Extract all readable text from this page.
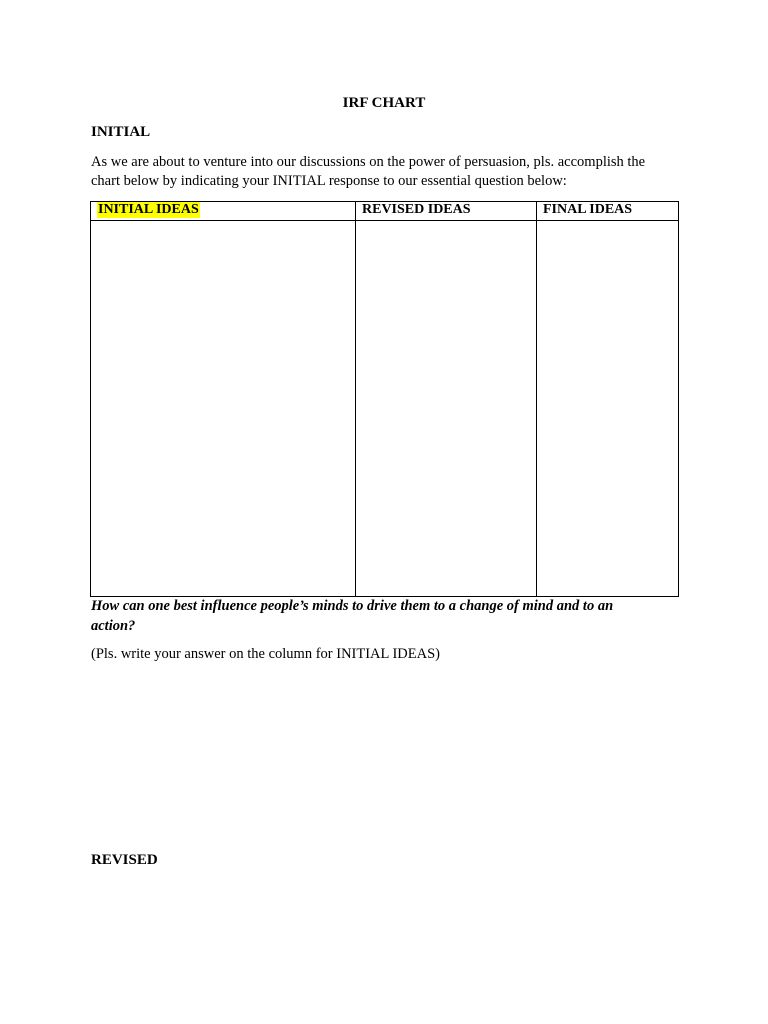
IRF CHART
INITIAL
As we are about to venture into our discussions on the power of persuasion, pls. accomplish the
chart below by indicating your INITIAL response to our essential question below:
INITIAL IDEAS	REVISED IDEAS	FINAL IDEAS

How can one best influence people’s minds to drive them to a change of mind and to an
action?
(Pls. write your answer on the column for INITIAL IDEAS)
REVISED
